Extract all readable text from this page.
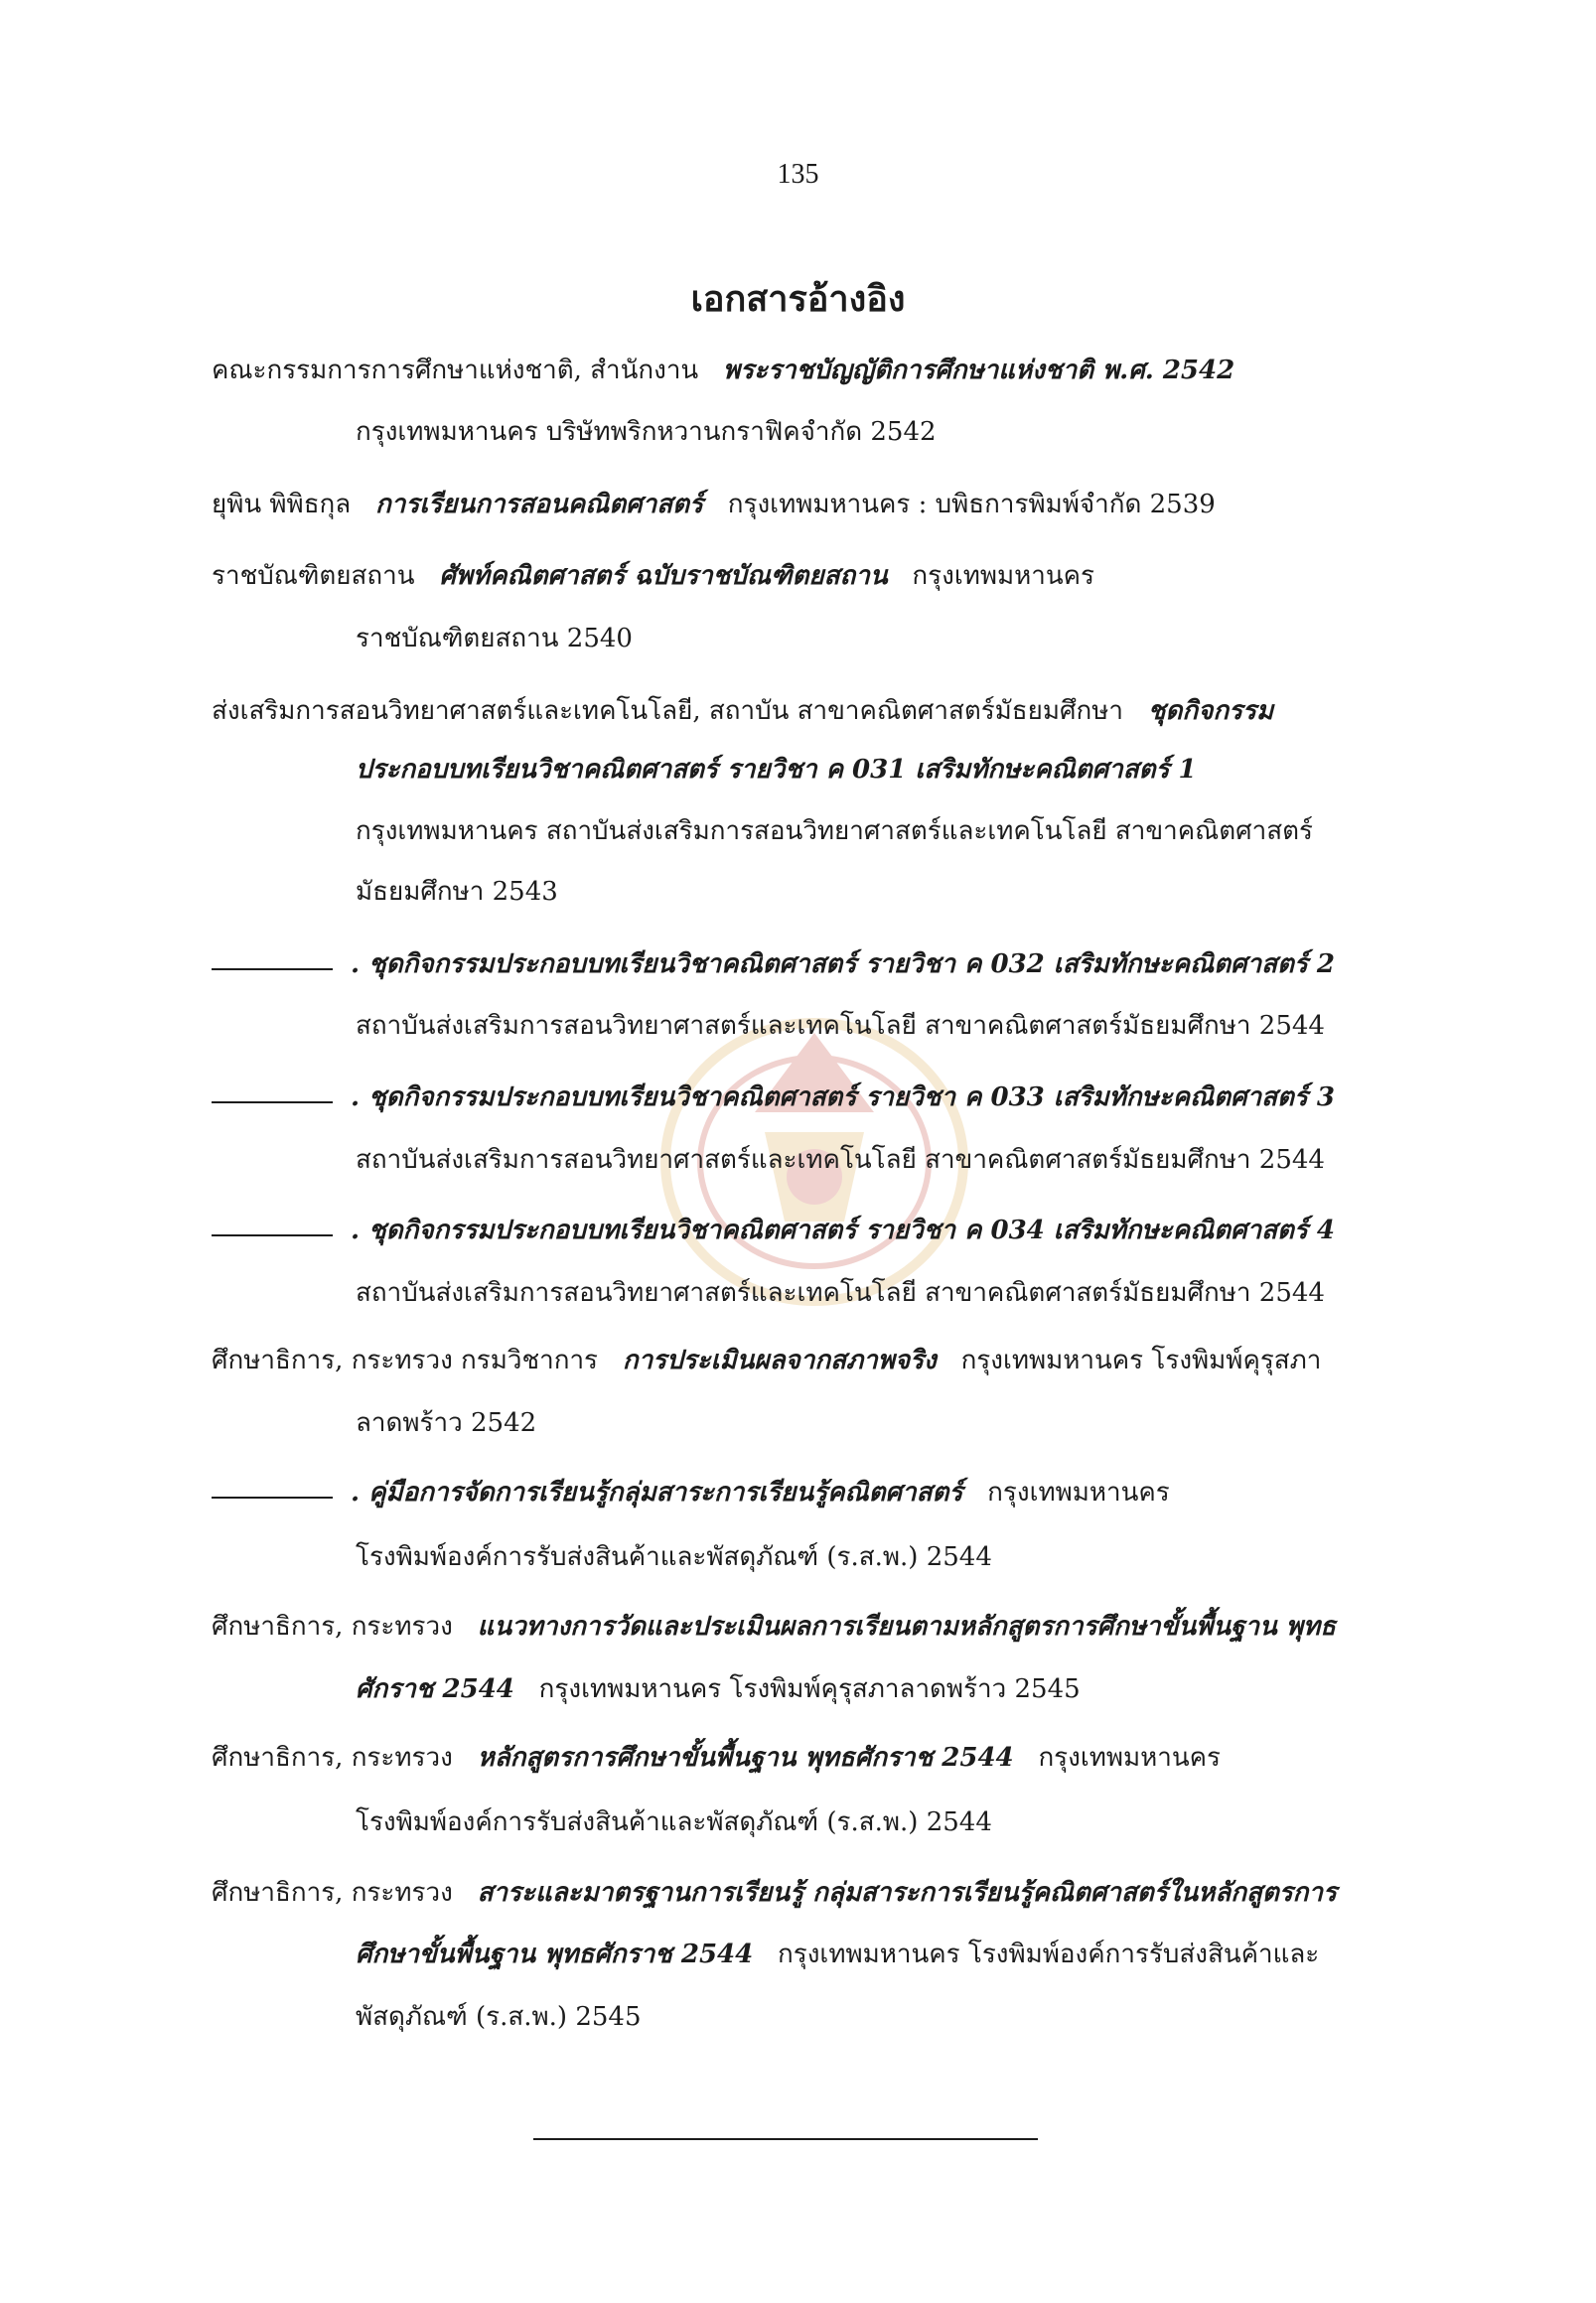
135
เอกสารอ้างอิง
คณะกรรมการการศึกษาแห่งชาติ, สำนักงาน พระราชบัญญัติการศึกษาแห่งชาติ พ.ศ. 2542
กรุงเทพมหานคร บริษัทพริกหวานกราฟิคจำกัด 2542
ยุพิน พิพิธกุล การเรียนการสอนคณิตศาสตร์ กรุงเทพมหานคร : บพิธการพิมพ์จำกัด 2539
ราชบัณฑิตยสถาน ศัพท์คณิตศาสตร์ ฉบับราชบัณฑิตยสถาน กรุงเทพมหานคร
ราชบัณฑิตยสถาน 2540
ส่งเสริมการสอนวิทยาศาสตร์และเทคโนโลยี, สถาบัน สาขาคณิตศาสตร์มัธยมศึกษา ชุดกิจกรรม
ประกอบบทเรียนวิชาคณิตศาสตร์ รายวิชา ค 031 เสริมทักษะคณิตศาสตร์ 1
กรุงเทพมหานคร สถาบันส่งเสริมการสอนวิทยาศาสตร์และเทคโนโลยี สาขาคณิตศาสตร์
มัธยมศึกษา 2543
. ชุดกิจกรรมประกอบบทเรียนวิชาคณิตศาสตร์ รายวิชา ค 032 เสริมทักษะคณิตศาสตร์ 2
สถาบันส่งเสริมการสอนวิทยาศาสตร์และเทคโนโลยี สาขาคณิตศาสตร์มัธยมศึกษา 2544
. ชุดกิจกรรมประกอบบทเรียนวิชาคณิตศาสตร์ รายวิชา ค 033 เสริมทักษะคณิตศาสตร์ 3
สถาบันส่งเสริมการสอนวิทยาศาสตร์และเทคโนโลยี สาขาคณิตศาสตร์มัธยมศึกษา 2544
. ชุดกิจกรรมประกอบบทเรียนวิชาคณิตศาสตร์ รายวิชา ค 034 เสริมทักษะคณิตศาสตร์ 4
สถาบันส่งเสริมการสอนวิทยาศาสตร์และเทคโนโลยี สาขาคณิตศาสตร์มัธยมศึกษา 2544
ศึกษาธิการ, กระทรวง กรมวิชาการ การประเมินผลจากสภาพจริง กรุงเทพมหานคร โรงพิมพ์คุรุสภา
ลาดพร้าว 2542
. คู่มือการจัดการเรียนรู้กลุ่มสาระการเรียนรู้คณิตศาสตร์ กรุงเทพมหานคร
โรงพิมพ์องค์การรับส่งสินค้าและพัสดุภัณฑ์ (ร.ส.พ.) 2544
ศึกษาธิการ, กระทรวง แนวทางการวัดและประเมินผลการเรียนตามหลักสูตรการศึกษาขั้นพื้นฐาน พุทธ
ศักราช 2544 กรุงเทพมหานคร โรงพิมพ์คุรุสภาลาดพร้าว 2545
ศึกษาธิการ, กระทรวง หลักสูตรการศึกษาขั้นพื้นฐาน พุทธศักราช 2544 กรุงเทพมหานคร
โรงพิมพ์องค์การรับส่งสินค้าและพัสดุภัณฑ์ (ร.ส.พ.) 2544
ศึกษาธิการ, กระทรวง สาระและมาตรฐานการเรียนรู้ กลุ่มสาระการเรียนรู้คณิตศาสตร์ในหลักสูตรการ
ศึกษาขั้นพื้นฐาน พุทธศักราช 2544 กรุงเทพมหานคร โรงพิมพ์องค์การรับส่งสินค้าและ
พัสดุภัณฑ์ (ร.ส.พ.) 2545
